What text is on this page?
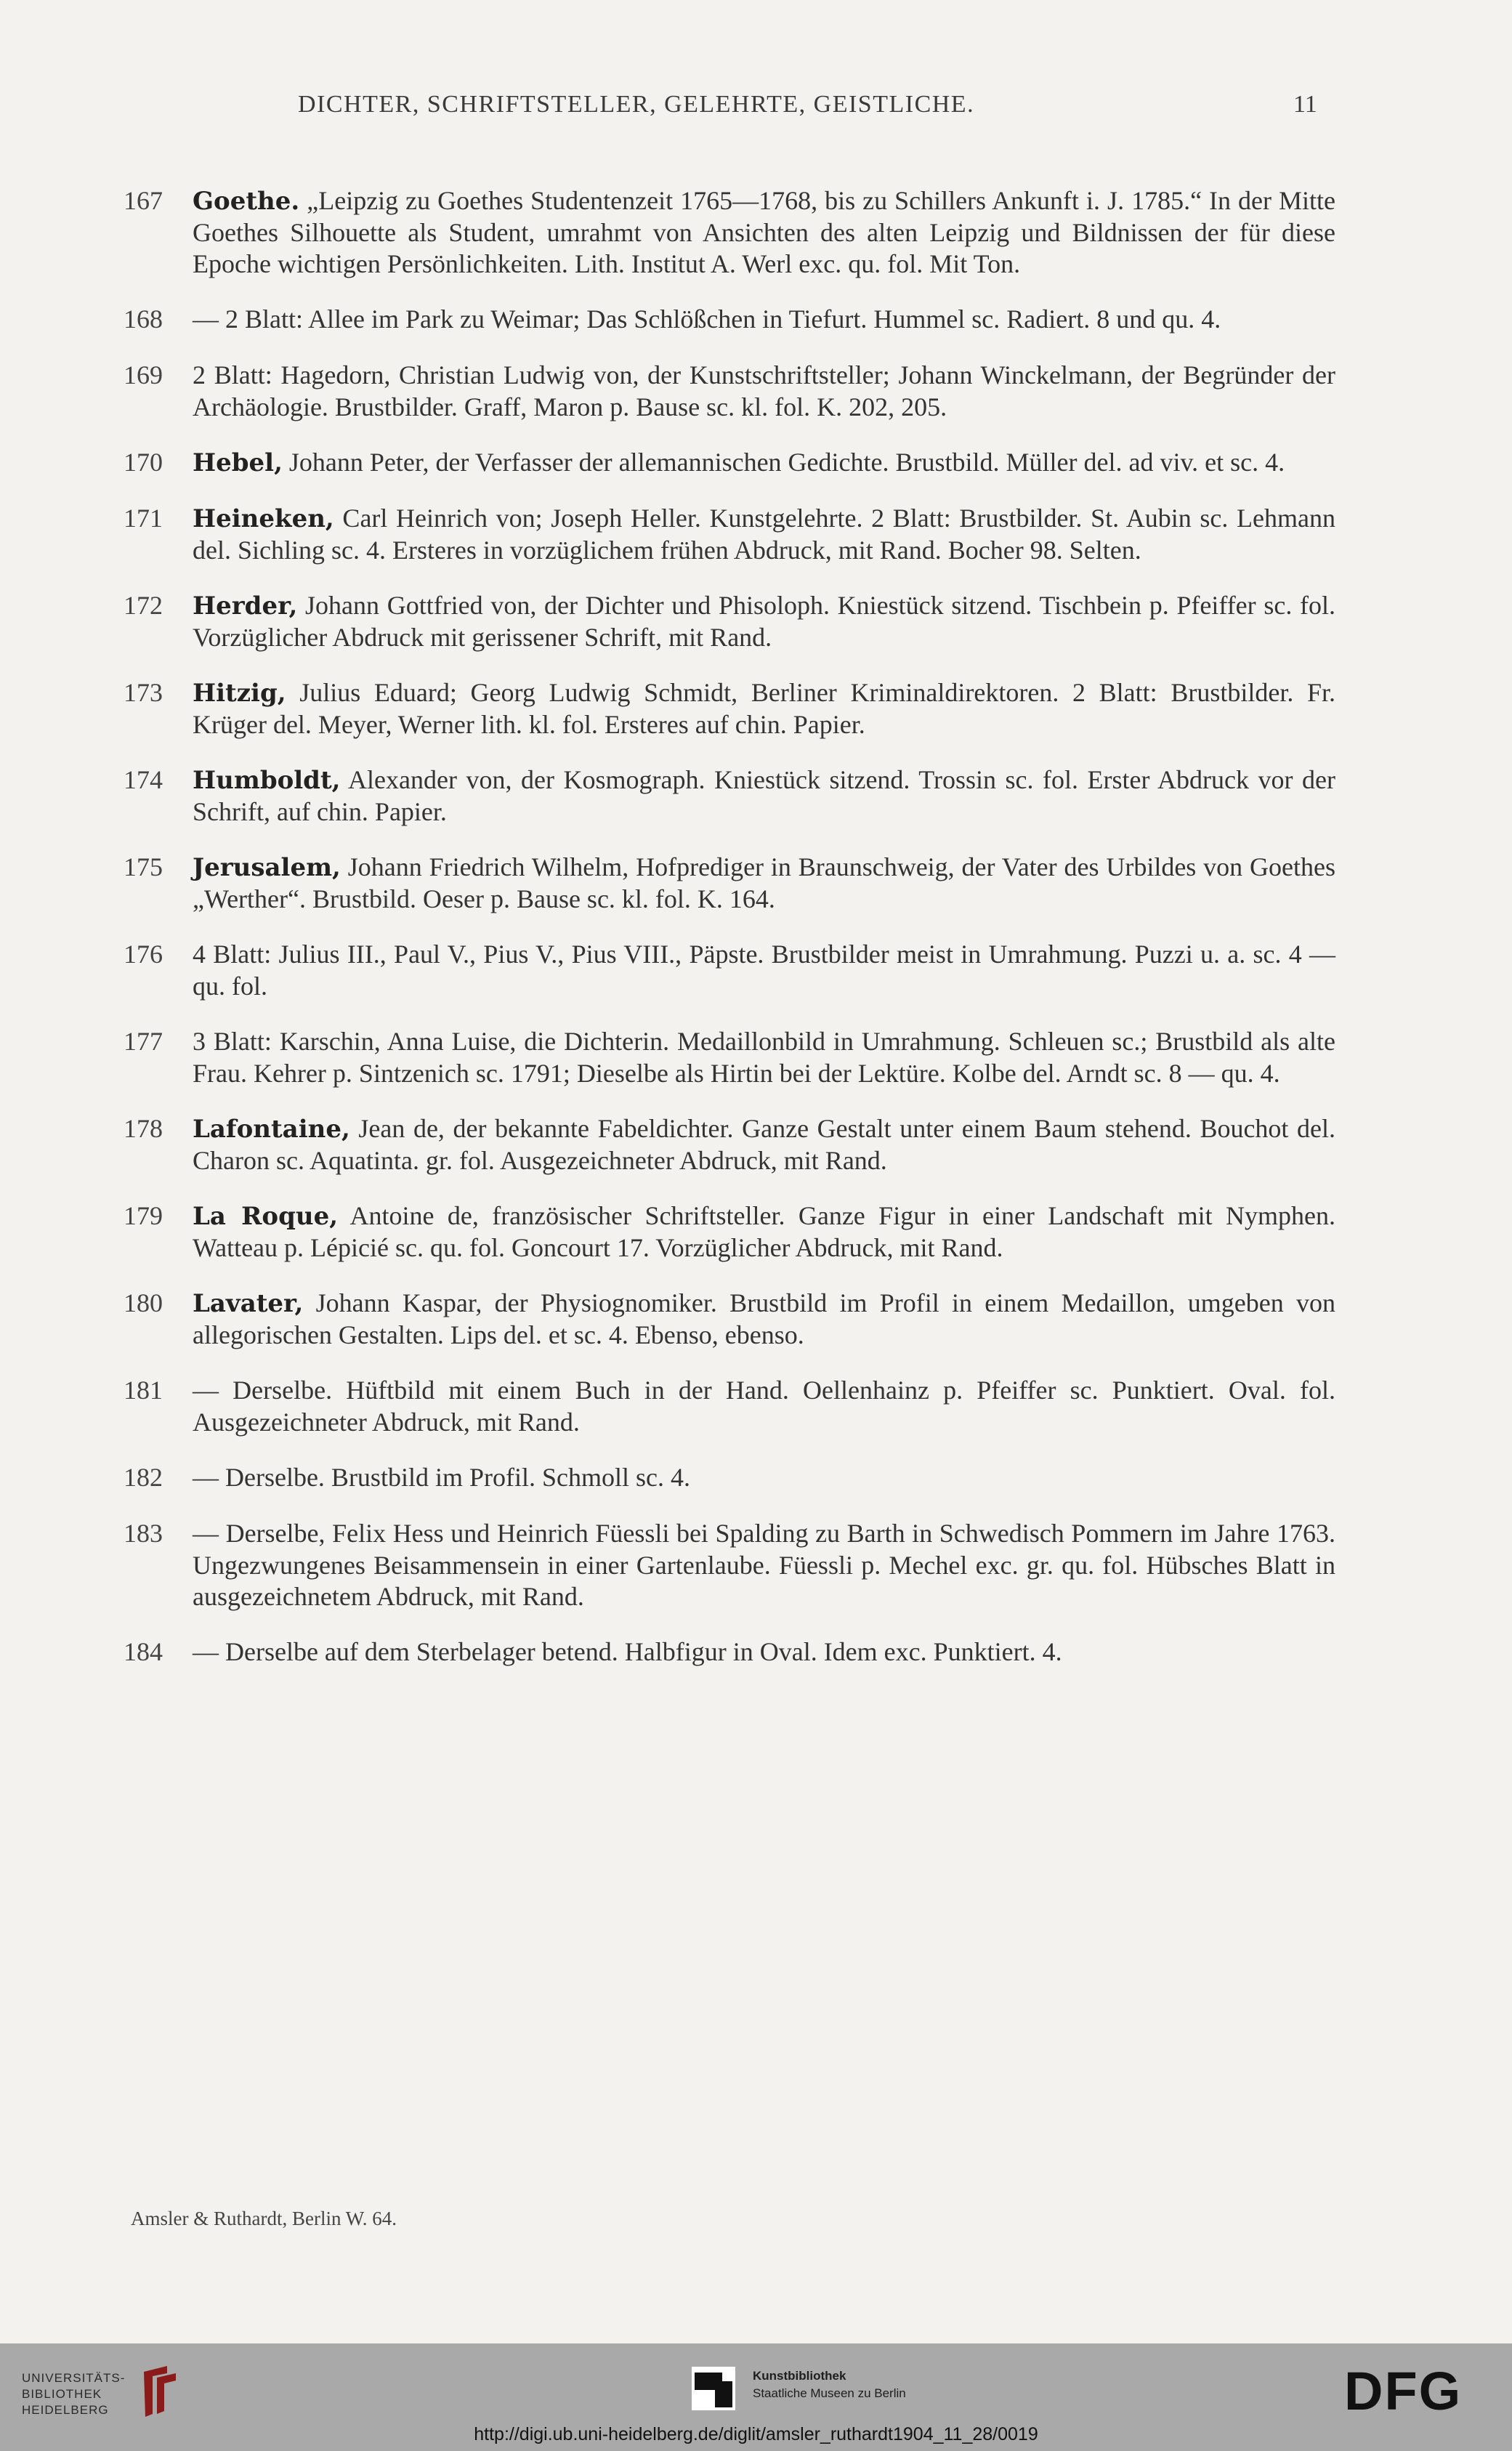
DICHTER, SCHRIFTSTELLER, GELEHRTE, GEISTLICHE.	11
167	Goethe. „Leipzig zu Goethes Studentenzeit 1765—1768, bis zu Schillers Ankunft i. J. 1785.“ In der Mitte Goethes Silhouette als Student, umrahmt von Ansichten des alten Leipzig und Bildnissen der für diese Epoche wichtigen Persönlichkeiten. Lith. Institut A. Werl exc. qu. fol. Mit Ton.
168	— 2 Blatt: Allee im Park zu Weimar; Das Schlößchen in Tiefurt. Hummel sc. Radiert. 8 und qu. 4.
169	2 Blatt: Hagedorn, Christian Ludwig von, der Kunstschriftsteller; Johann Winckelmann, der Begründer der Archäologie. Brustbilder. Graff, Maron p. Bause sc. kl. fol. K. 202, 205.
170	Hebel, Johann Peter, der Verfasser der allemannischen Gedichte. Brustbild. Müller del. ad viv. et sc. 4.
171	Heineken, Carl Heinrich von; Joseph Heller. Kunstgelehrte. 2 Blatt: Brustbilder. St. Aubin sc. Lehmann del. Sichling sc. 4. Ersteres in vorzüglichem frühen Abdruck, mit Rand. Bocher 98. Selten.
172	Herder, Johann Gottfried von, der Dichter und Phisoloph. Kniestück sitzend. Tischbein p. Pfeiffer sc. fol. Vorzüglicher Abdruck mit gerissener Schrift, mit Rand.
173	Hitzig, Julius Eduard; Georg Ludwig Schmidt, Berliner Kriminaldirektoren. 2 Blatt: Brustbilder. Fr. Krüger del. Meyer, Werner lith. kl. fol. Ersteres auf chin. Papier.
174	Humboldt, Alexander von, der Kosmograph. Kniestück sitzend. Trossin sc. fol. Erster Abdruck vor der Schrift, auf chin. Papier.
175	Jerusalem, Johann Friedrich Wilhelm, Hofprediger in Braunschweig, der Vater des Urbildes von Goethes „Werther“. Brustbild. Oeser p. Bause sc. kl. fol. K. 164.
176	4 Blatt: Julius III., Paul V., Pius V., Pius VIII., Päpste. Brustbilder meist in Umrahmung. Puzzi u. a. sc. 4 — qu. fol.
177	3 Blatt: Karschin, Anna Luise, die Dichterin. Medaillonbild in Umrahmung. Schleuen sc.; Brustbild als alte Frau. Kehrer p. Sintzenich sc. 1791; Dieselbe als Hirtin bei der Lektüre. Kolbe del. Arndt sc. 8 — qu. 4.
178	Lafontaine, Jean de, der bekannte Fabeldichter. Ganze Gestalt unter einem Baum stehend. Bouchot del. Charon sc. Aquatinta. gr. fol. Ausgezeichneter Abdruck, mit Rand.
179	La Roque, Antoine de, französischer Schriftsteller. Ganze Figur in einer Landschaft mit Nymphen. Watteau p. Lépicié sc. qu. fol. Goncourt 17. Vorzüglicher Abdruck, mit Rand.
180	Lavater, Johann Kaspar, der Physiognomiker. Brustbild im Profil in einem Medaillon, umgeben von allegorischen Gestalten. Lips del. et sc. 4. Ebenso, ebenso.
181	— Derselbe. Hüftbild mit einem Buch in der Hand. Oellenhainz p. Pfeiffer sc. Punktiert. Oval. fol. Ausgezeichneter Abdruck, mit Rand.
182	— Derselbe. Brustbild im Profil. Schmoll sc. 4.
183	— Derselbe, Felix Hess und Heinrich Füessli bei Spalding zu Barth in Schwedisch Pommern im Jahre 1763. Ungezwungenes Beisammensein in einer Gartenlaube. Füessli p. Mechel exc. gr. qu. fol. Hübsches Blatt in ausgezeichnetem Abdruck, mit Rand.
184	— Derselbe auf dem Sterbelager betend. Halbfigur in Oval. Idem exc. Punktiert. 4.
Amsler & Ruthardt, Berlin W. 64.
UNIVERSITÄTS-
BIBLIOTHEK
HEIDELBERG
Kunstbibliothek
Staatliche Museen zu Berlin	DFG
http://digi.ub.uni-heidelberg.de/diglit/amsler_ruthardt1904_11_28/0019
